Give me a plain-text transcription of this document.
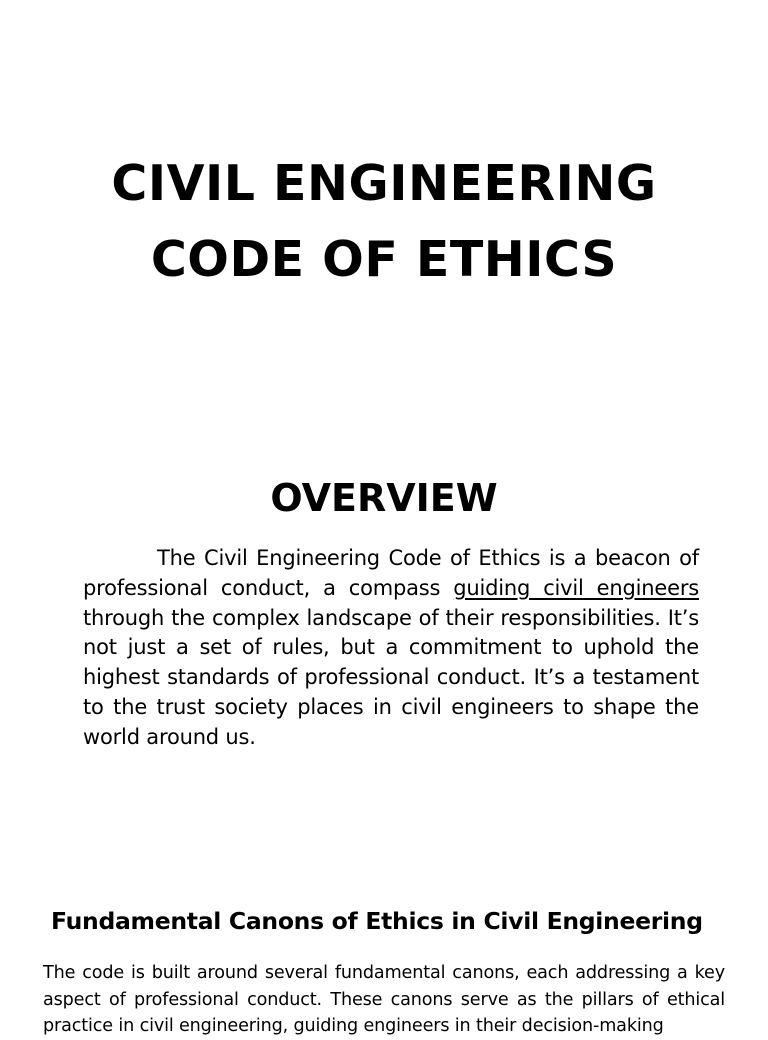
CIVIL ENGINEERING
CODE OF ETHICS
OVERVIEW

The Civil Engineering Code of Ethics is a beacon of professional conduct, a compass guiding civil engineers through the complex landscape of their responsibilities. It’s not just a set of rules, but a commitment to uphold the highest standards of professional conduct. It’s a testament to the trust society places in civil engineers to shape the world around us.

Fundamental Canons of Ethics in Civil Engineering

The code is built around several fundamental canons, each addressing a key aspect of professional conduct. These canons serve as the pillars of ethical practice in civil engineering, guiding engineers in their decision-making
